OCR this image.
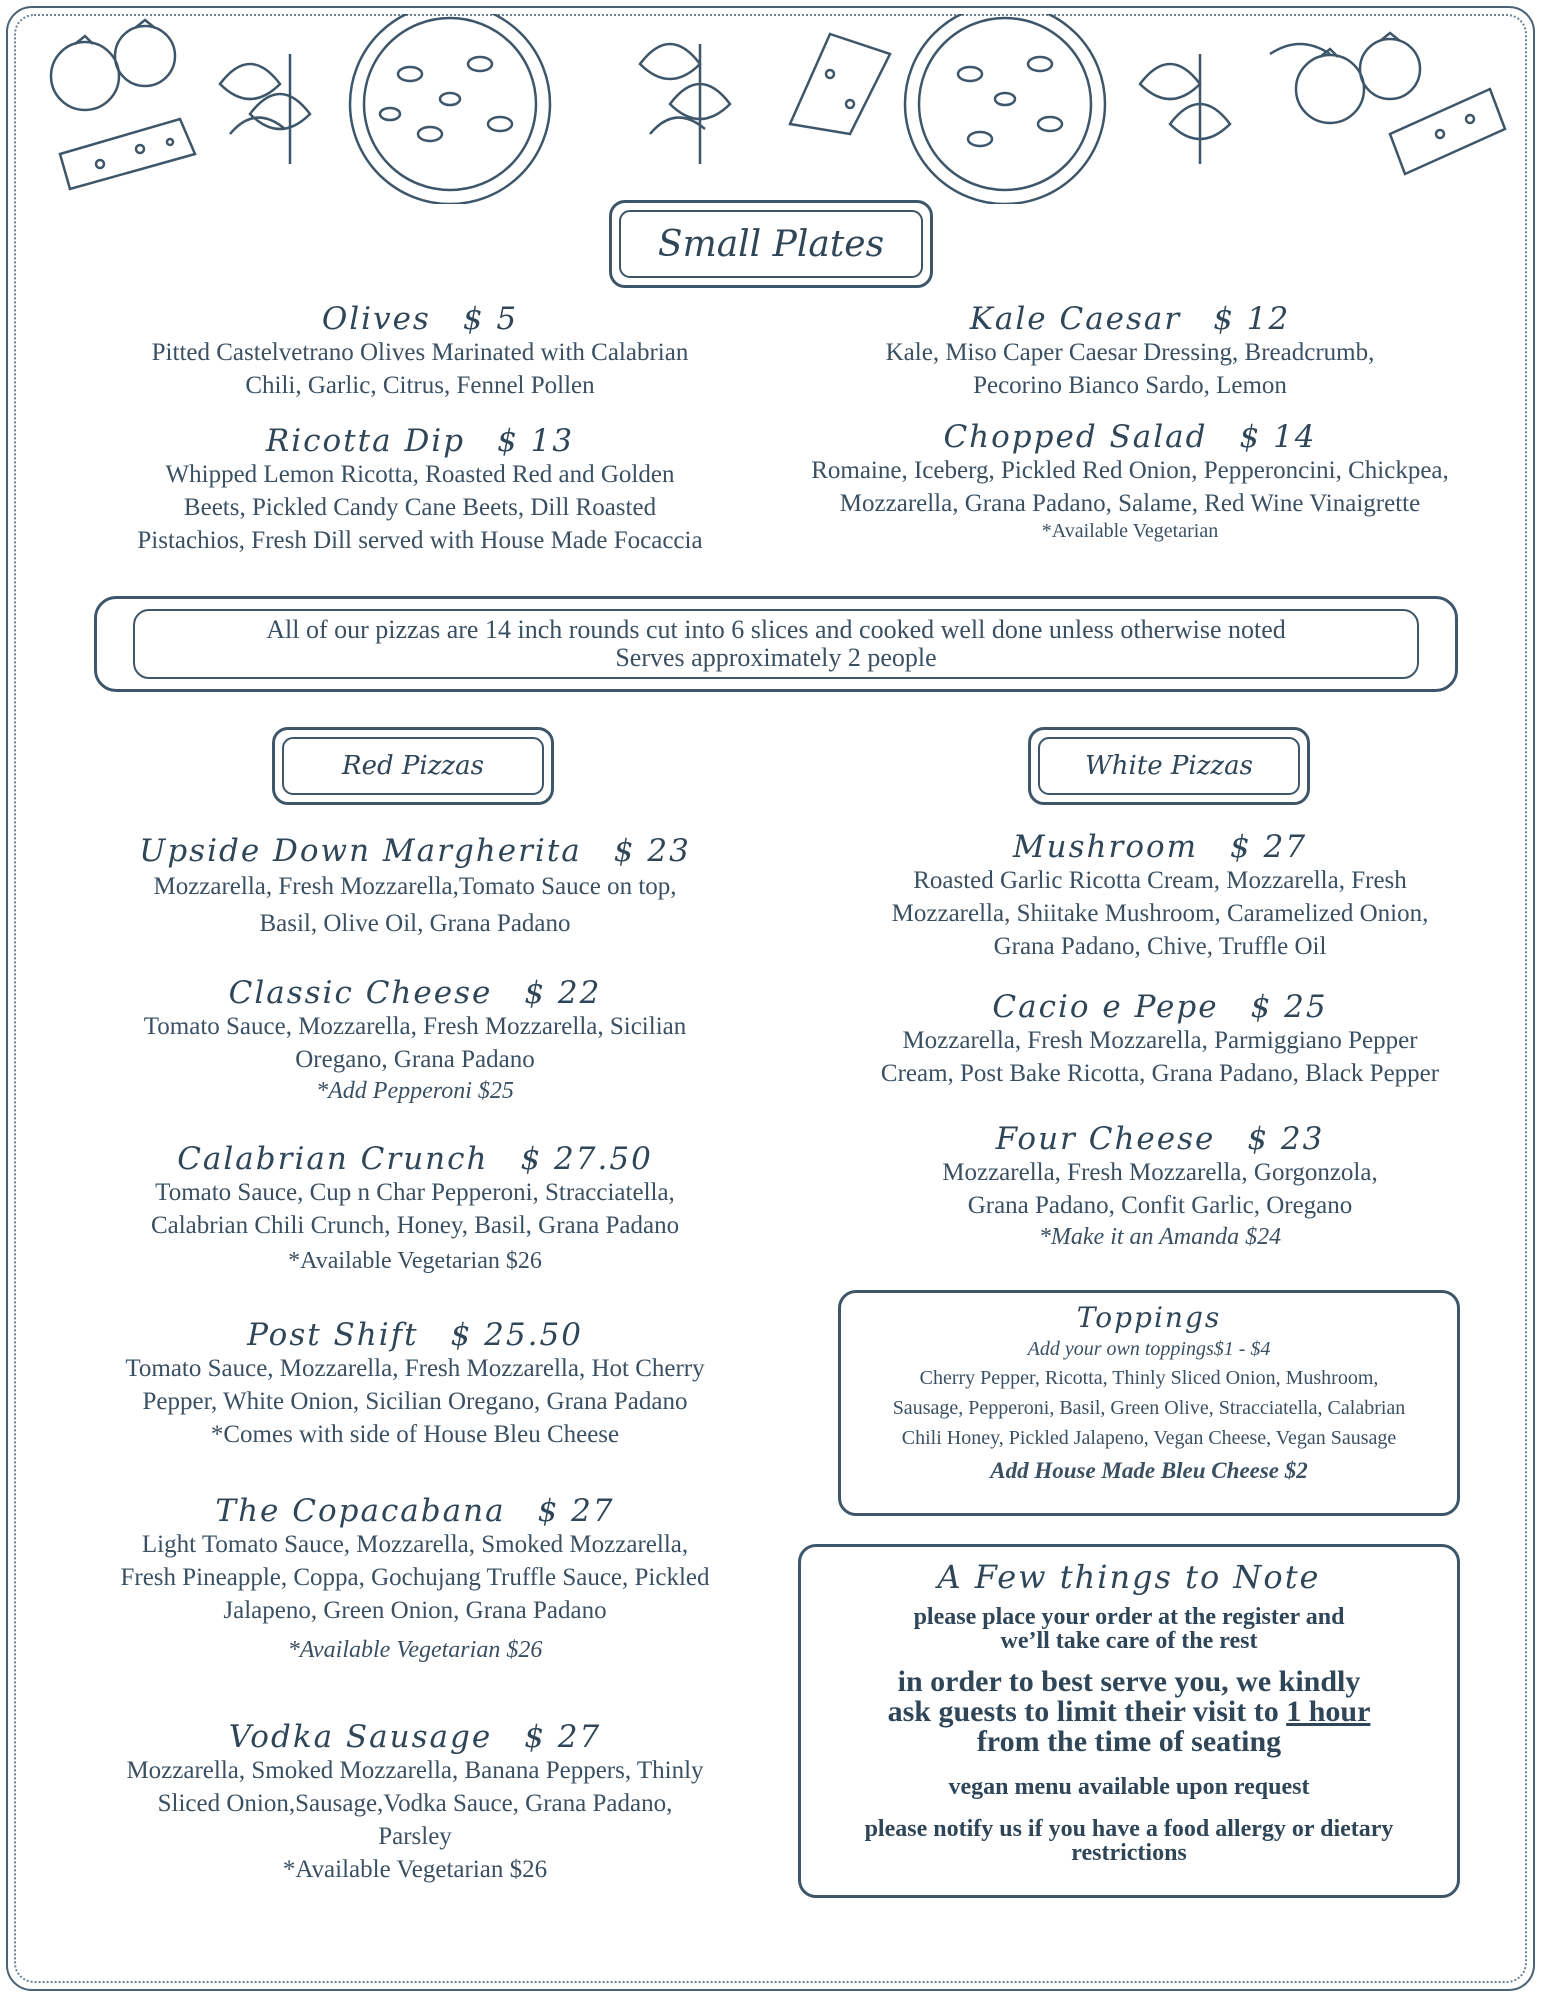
Small Plates
Olives $ 5
Pitted Castelvetrano Olives Marinated with Calabrian
Chili, Garlic, Citrus, Fennel Pollen
Ricotta Dip $ 13
Whipped Lemon Ricotta, Roasted Red and Golden
Beets, Pickled Candy Cane Beets, Dill Roasted
Pistachios, Fresh Dill served with House Made Focaccia
Kale Caesar $ 12
Kale, Miso Caper Caesar Dressing, Breadcrumb,
Pecorino Bianco Sardo, Lemon
Chopped Salad $ 14
Romaine, Iceberg, Pickled Red Onion, Pepperoncini, Chickpea,
Mozzarella, Grana Padano, Salame, Red Wine Vinaigrette
*Available Vegetarian
All of our pizzas are 14 inch rounds cut into 6 slices and cooked well done unless otherwise noted
Serves approximately 2 people
Red Pizzas	White Pizzas
Upside Down Margherita $ 23
Mozzarella, Fresh Mozzarella,Tomato Sauce on top,
Basil, Olive Oil, Grana Padano
Classic Cheese $ 22
Tomato Sauce, Mozzarella, Fresh Mozzarella, Sicilian
Oregano, Grana Padano
*Add Pepperoni $25
Calabrian Crunch $ 27.50
Tomato Sauce, Cup n Char Pepperoni, Stracciatella,
Calabrian Chili Crunch, Honey, Basil, Grana Padano
*Available Vegetarian $26
Post Shift $ 25.50
Tomato Sauce, Mozzarella, Fresh Mozzarella, Hot Cherry
Pepper, White Onion, Sicilian Oregano, Grana Padano
*Comes with side of House Bleu Cheese
The Copacabana $ 27
Light Tomato Sauce, Mozzarella, Smoked Mozzarella,
Fresh Pineapple, Coppa, Gochujang Truffle Sauce, Pickled
Jalapeno, Green Onion, Grana Padano
*Available Vegetarian $26
Vodka Sausage $ 27
Mozzarella, Smoked Mozzarella, Banana Peppers, Thinly
Sliced Onion,Sausage,Vodka Sauce, Grana Padano,
Parsley
*Available Vegetarian $26
Mushroom $ 27
Roasted Garlic Ricotta Cream, Mozzarella, Fresh
Mozzarella, Shiitake Mushroom, Caramelized Onion,
Grana Padano, Chive, Truffle Oil
Cacio e Pepe $ 25
Mozzarella, Fresh Mozzarella, Parmiggiano Pepper
Cream, Post Bake Ricotta, Grana Padano, Black Pepper
Four Cheese $ 23
Mozzarella, Fresh Mozzarella, Gorgonzola,
Grana Padano, Confit Garlic, Oregano
*Make it an Amanda $24
Toppings
Add your own toppings$1 - $4
Cherry Pepper, Ricotta, Thinly Sliced Onion, Mushroom,
Sausage, Pepperoni, Basil, Green Olive, Stracciatella, Calabrian
Chili Honey, Pickled Jalapeno, Vegan Cheese, Vegan Sausage
Add House Made Bleu Cheese $2
A Few things to Note
please place your order at the register and
we’ll take care of the rest
in order to best serve you, we kindly
ask guests to limit their visit to 1 hour
from the time of seating
vegan menu available upon request
please notify us if you have a food allergy or dietary
restrictions
